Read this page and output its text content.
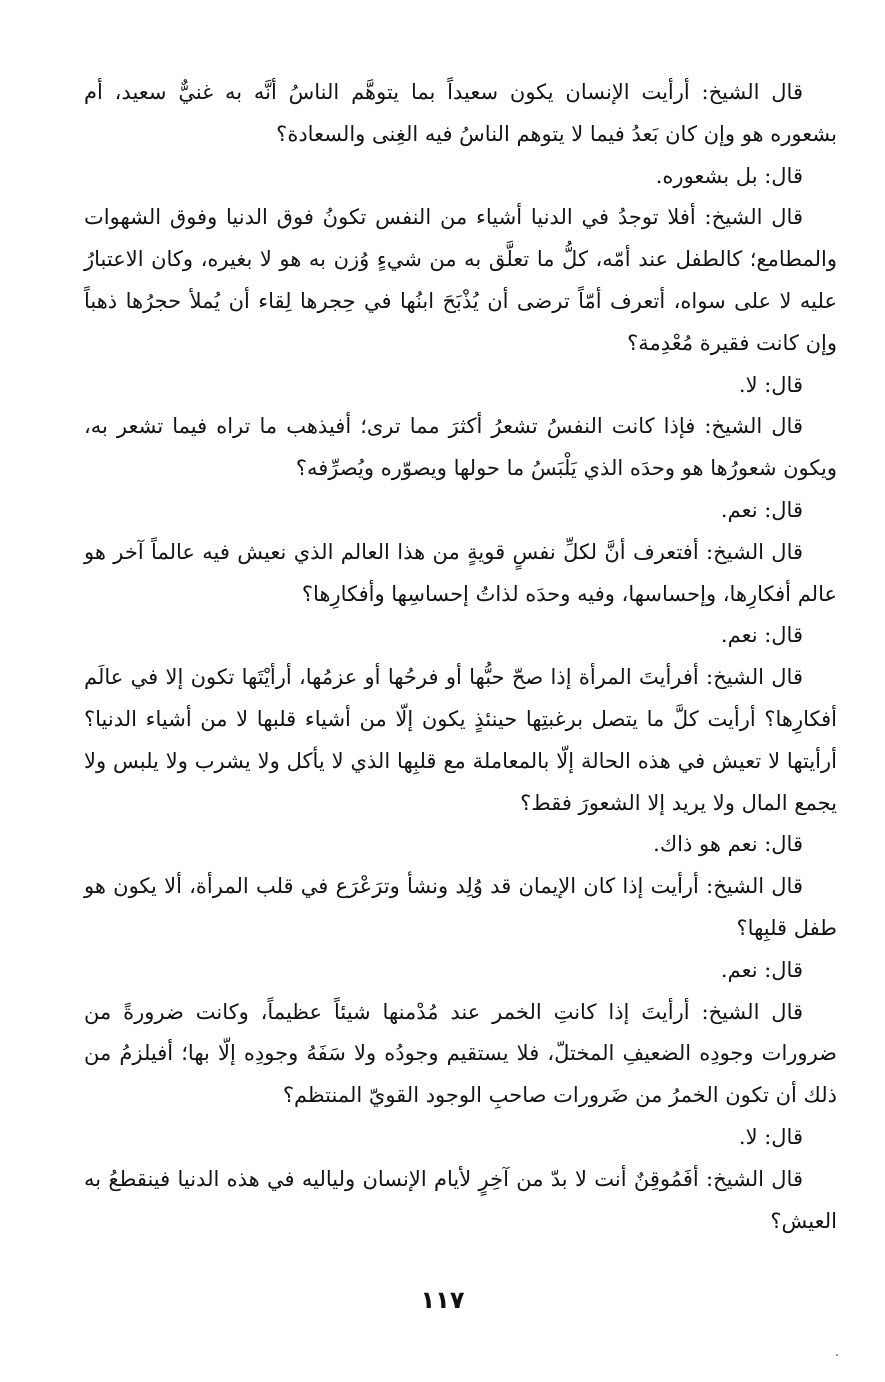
قال الشيخ: أرأيت الإنسان يكون سعيداً بما يتوهَّم الناسُ أنَّه به غنيٌّ سعيد، أم بشعوره هو وإن كان بَعدُ فيما لا يتوهم الناسُ فيه الغِنى والسعادة؟

قال: بل بشعوره.

قال الشيخ: أفلا توجدُ في الدنيا أشياء من النفس تكونُ فوق الدنيا وفوق الشهوات والمطامع؛ كالطفل عند أمّه، كلُّ ما تعلَّق به من شيءٍ وُزن به هو لا بغيره، وكان الاعتبارُ عليه لا على سواه، أتعرف أمّاً ترضى أن يُذْبَحَ ابنُها في حِجرها لِقاء أن يُملأ حجرُها ذهباً وإن كانت فقيرة مُعْدِمة؟

قال: لا.

قال الشيخ: فإذا كانت النفسُ تشعرُ أكثرَ مما ترى؛ أفيذهب ما تراه فيما تشعر به، ويكون شعورُها هو وحدَه الذي يَلْبَسُ ما حولها ويصوّره ويُصرِّفه؟

قال: نعم.

قال الشيخ: أفتعرف أنَّ لكلِّ نفسٍ قويةٍ من هذا العالم الذي نعيش فيه عالماً آخر هو عالم أفكارِها، وإحساسها، وفيه وحدَه لذاتُ إحساسِها وأفكارِها؟

قال: نعم.

قال الشيخ: أفرأيتَ المرأة إذا صحّ حبُّها أو فرحُها أو عزمُها، أرأيْتَها تكون إلا في عالَم أفكارِها؟ أرأيت كلَّ ما يتصل برغبتِها حينئذٍ يكون إلّا من أشياء قلبها لا من أشياء الدنيا؟ أرأيتها لا تعيش في هذه الحالة إلّا بالمعاملة مع قلبِها الذي لا يأكل ولا يشرب ولا يلبس ولا يجمع المال ولا يريد إلا الشعورَ فقط؟

قال: نعم هو ذاك.

قال الشيخ: أرأيت إذا كان الإيمان قد وُلِد ونشأ وترَعْرَع في قلب المرأة، ألا يكون هو طفل قلبِها؟

قال: نعم.

قال الشيخ: أرأيتَ إذا كانتِ الخمر عند مُدْمنها شيئاً عظيماً، وكانت ضرورةً من ضرورات وجودِه الضعيفِ المختلّ، فلا يستقيم وجودُه ولا سَفَهُ وجودِه إلّا بها؛ أفيلزمُ من ذلك أن تكون الخمرُ من ضَرورات صاحبِ الوجود القويّ المنتظم؟

قال: لا.

قال الشيخ: أفَمُوقِنٌ أنت لا بدّ من آخِرٍ لأيام الإنسان ولياليه في هذه الدنيا فينقطعُ به العيش؟

١١٧
